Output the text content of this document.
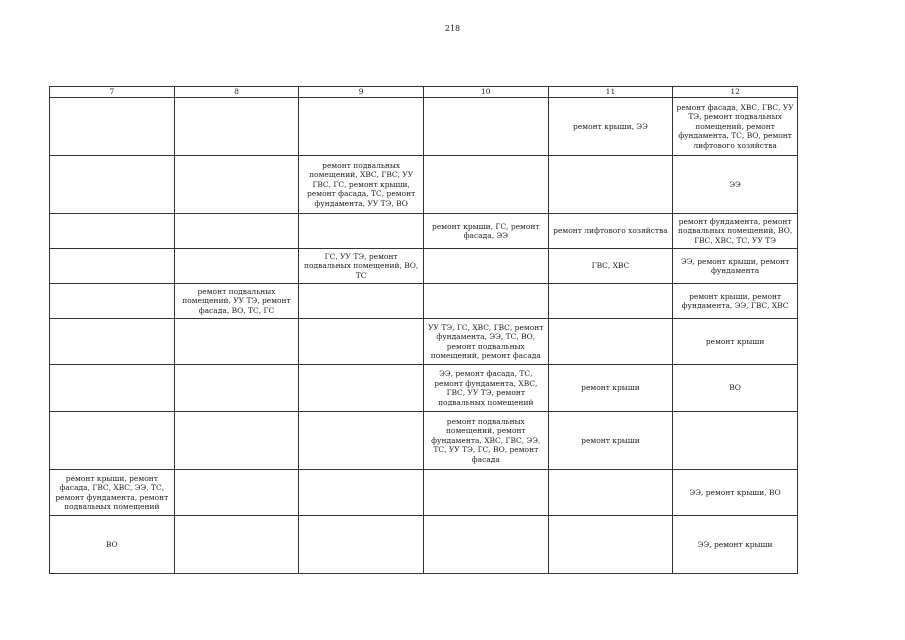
218
7	8	9	10	11	12
				ремонт крыши, ЭЭ	ремонт фасада, ХВС, ГВС, УУ ТЭ, ремонт подвальных помещений, ремонт фундамента, ТС, ВО, ремонт лифтового хозяйства
		ремонт подвальных помещений, ХВС, ГВС, УУ ГВС, ГС, ремонт крыши, ремонт фасада, ТС, ремонт фундамента, УУ ТЭ, ВО			ЭЭ
			ремонт крыши, ГС, ремонт фасада, ЭЭ	ремонт лифтового хозяйства	ремонт фундамента, ремонт подвальных помещений, ВО, ГВС, ХВС, ТС, УУ ТЭ
		ГС, УУ ТЭ, ремонт подвальных помещений, ВО, ТС		ГВС, ХВС	ЭЭ, ремонт крыши, ремонт фундамента
	ремонт подвальных помещений, УУ ТЭ, ремонт фасада, ВО, ТС, ГС				ремонт крыши, ремонт фундамента, ЭЭ, ГВС, ХВС
			УУ ТЭ, ГС, ХВС, ГВС, ремонт фундамента, ЭЭ, ТС, ВО, ремонт подвальных помещений, ремонт фасада		ремонт крыши
			ЭЭ, ремонт фасада, ТС, ремонт фундамента, ХВС, ГВС, УУ ТЭ, ремонт подвальных помещений	ремонт крыши	ВО
			ремонт подвальных помещений, ремонт фундамента, ХВС, ГВС, ЭЭ, ТС, УУ ТЭ, ГС, ВО, ремонт фасада	ремонт крыши	
ремонт крыши, ремонт фасада, ГВС, ХВС, ЭЭ, ТС, ремонт фундамента, ремонт подвальных помещений					ЭЭ, ремонт крыши, ВО
ВО					ЭЭ, ремонт крыши
